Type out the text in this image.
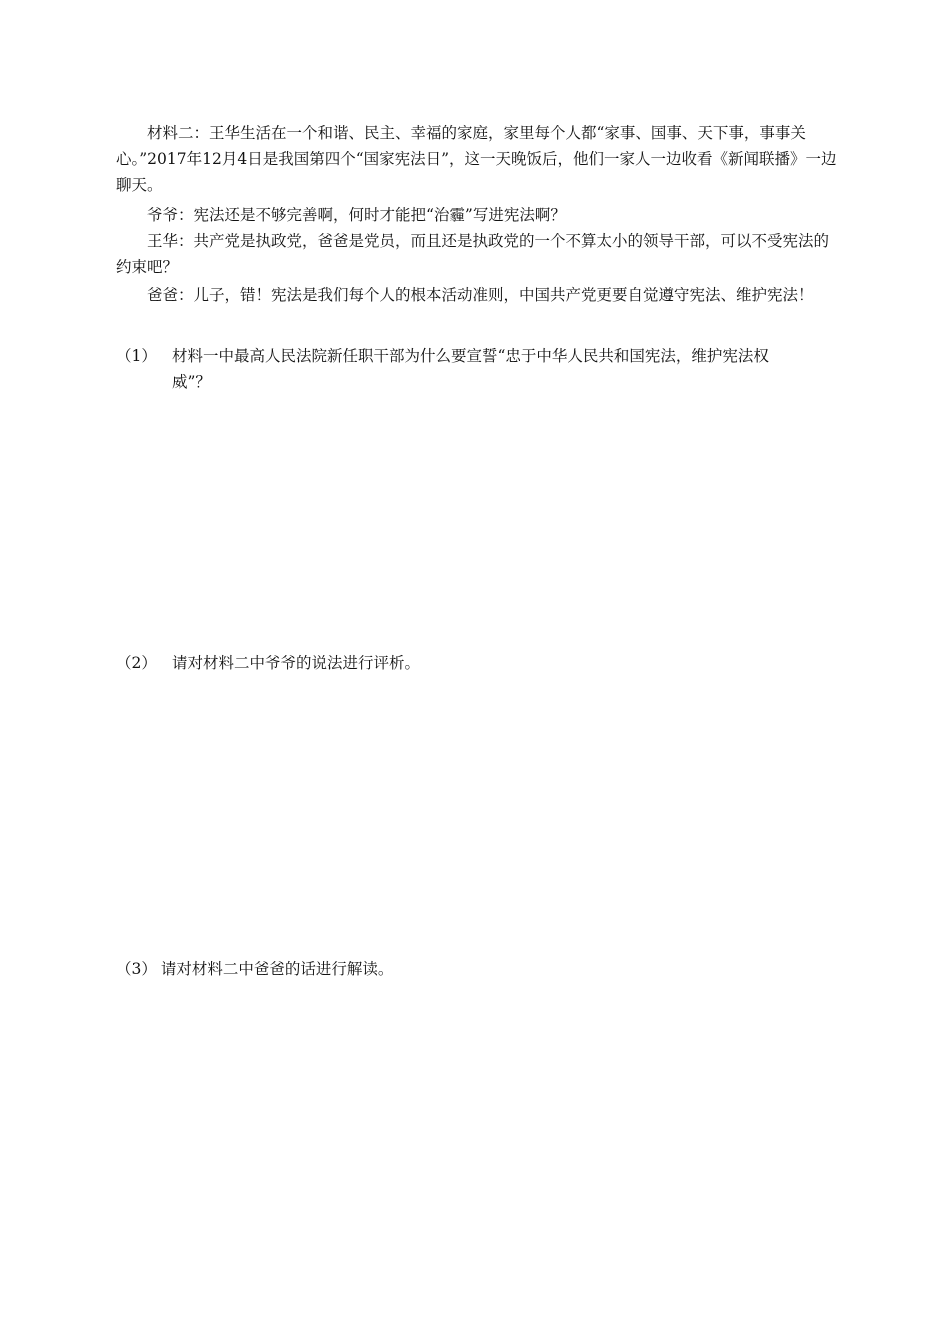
材料二：王华生活在一个和谐、民主、幸福的家庭，家里每个人都“家事、国事、天下事，事事关心。”2017年12月4日是我国第四个“国家宪法日”，这一天晚饭后，他们一家人一边收看《新闻联播》一边聊天。

爷爷：宪法还是不够完善啊，何时才能把“治霾”写进宪法啊？

王华：共产党是执政党，爸爸是党员，而且还是执政党的一个不算太小的领导干部，可以不受宪法的约束吧？

爸爸：儿子，错！宪法是我们每个人的根本活动准则，中国共产党更要自觉遵守宪法、维护宪法！

（1） 材料一中最高人民法院新任职干部为什么要宣誓“忠于中华人民共和国宪法，维护宪法权
威”？
（2） 请对材料二中爷爷的说法进行评析。
（3） 请对材料二中爸爸的话进行解读。
